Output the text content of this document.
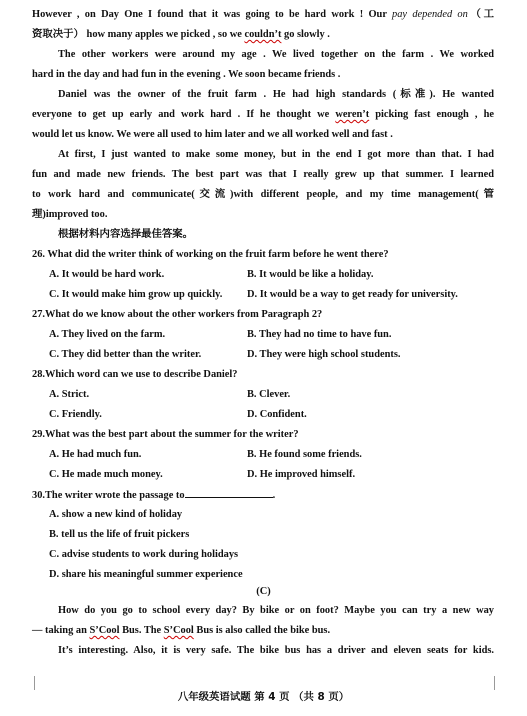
However , on Day One I found that it was going to be hard work ! Our pay depended on（工
资取决于） how many apples we picked , so we couldn’t go slowly .
The other workers were around my age . We lived together on the farm . We worked
hard in the day and had fun in the evening . We soon became friends .
Daniel was the owner of the fruit farm . He had high standards (标准). He wanted
everyone to get up early and work hard . If he thought we weren’t picking fast enough , he
would let us know. We were all used to him later and we all worked well and fast .
At first, I just wanted to make some money, but in the end I got more than that. I had
fun and made new friends. The best part was that I really grew up that summer. I learned
to work hard and communicate(交流)with different people, and my time management(管
理)improved too.
根据材料内容选择最佳答案。
26. What did the writer think of working on the fruit farm before he went there?
A. It would be hard work.	B. It would be like a holiday.
C. It would make him grow up quickly. D. It would be a way to get ready for university.
27.What do we know about the other workers from Paragraph 2?
A. They lived on the farm.	B. They had no time to have fun.
C. They did better than the writer.	D. They were high school students.
28.Which word can we use to describe Daniel?
A. Strict.	B. Clever.
C. Friendly.	D. Confident.
29.What was the best part about the summer for the writer?
A. He had much fun.	B. He found some friends.
C. He made much money.	D. He improved himself.
30.The writer wrote the passage to	.
A. show a new kind of holiday
B. tell us the life of fruit pickers
C. advise students to work during holidays
D. share his meaningful summer experience
(C)
How do you go to school every day? By bike or on foot? Maybe you can try a new way
— taking an S’Cool Bus. The S’Cool Bus is also called the bike bus.
It’s interesting. Also, it is very safe. The bike bus has a driver and eleven seats for kids.
八年级英语试题 第 4 页 （共 8 页）
